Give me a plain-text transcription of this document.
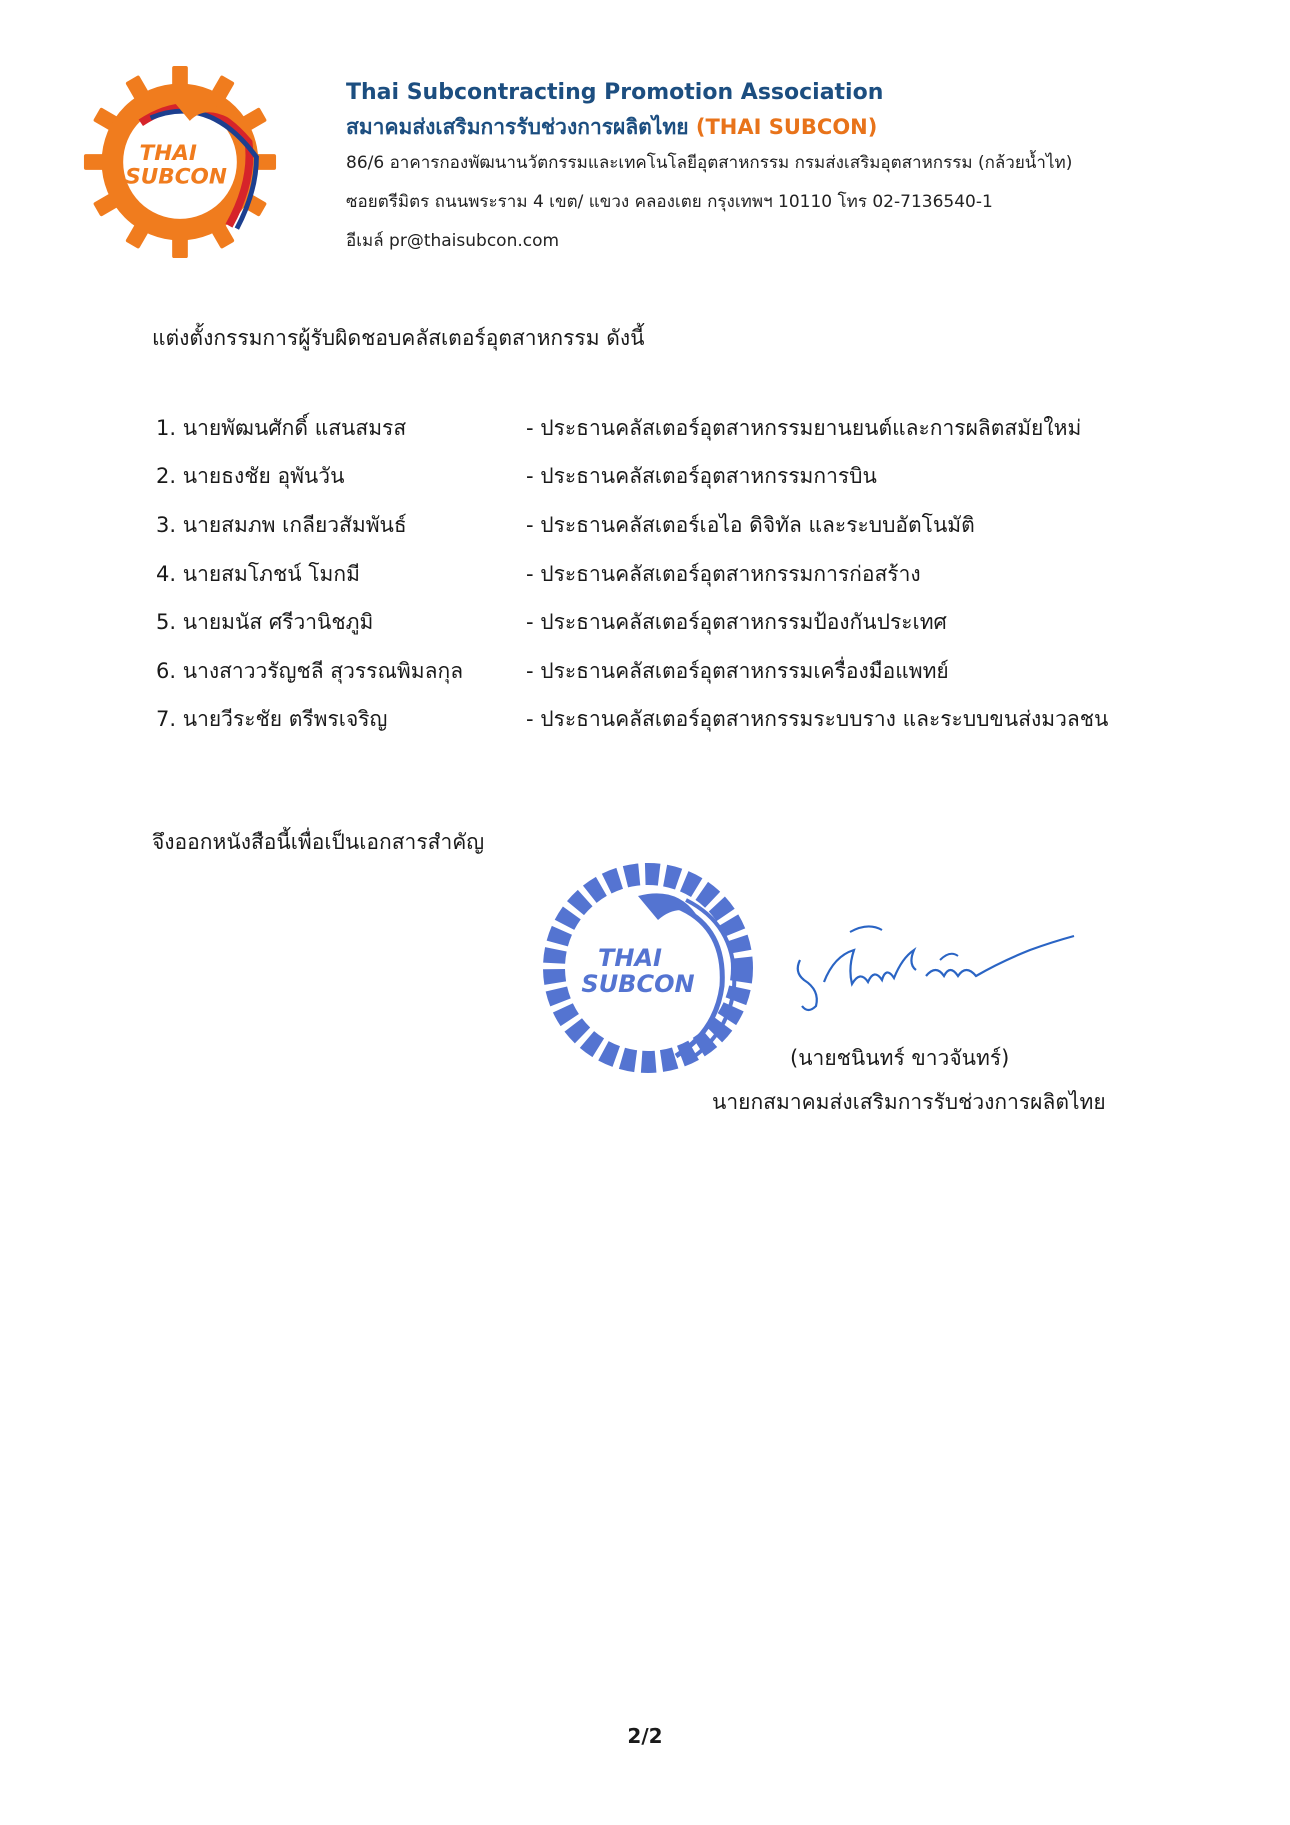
THAI
SUBCON
Thai Subcontracting Promotion Association
สมาคมส่งเสริมการรับช่วงการผลิตไทย (THAI SUBCON)
86/6 อาคารกองพัฒนานวัตกรรมและเทคโนโลยีอุตสาหกรรม กรมส่งเสริมอุตสาหกรรม (กล้วยน้ำไท)
ซอยตรีมิตร ถนนพระราม 4 เขต/ แขวง คลองเตย กรุงเทพฯ 10110 โทร 02-7136540-1
อีเมล์ pr@thaisubcon.com
แต่งตั้งกรรมการผู้รับผิดชอบคลัสเตอร์อุตสาหกรรม ดังนี้
1. นายพัฒนศักดิ์ แสนสมรส	- ประธานคลัสเตอร์อุตสาหกรรมยานยนต์และการผลิตสมัยใหม่
2. นายธงชัย อุพันวัน	- ประธานคลัสเตอร์อุตสาหกรรมการบิน
3. นายสมภพ เกลียวสัมพันธ์	- ประธานคลัสเตอร์เอไอ ดิจิทัล และระบบอัตโนมัติ
4. นายสมโภชน์ โมกมี	- ประธานคลัสเตอร์อุตสาหกรรมการก่อสร้าง
5. นายมนัส ศรีวานิชภูมิ	- ประธานคลัสเตอร์อุตสาหกรรมป้องกันประเทศ
6. นางสาววรัญชลี สุวรรณพิมลกุล	- ประธานคลัสเตอร์อุตสาหกรรมเครื่องมือแพทย์
7. นายวีระชัย ตรีพรเจริญ	- ประธานคลัสเตอร์อุตสาหกรรมระบบราง และระบบขนส่งมวลชน
จึงออกหนังสือนี้เพื่อเป็นเอกสารสำคัญ
THAI
SUBCON
(นายชนินทร์ ขาวจันทร์)
นายกสมาคมส่งเสริมการรับช่วงการผลิตไทย
2/2
